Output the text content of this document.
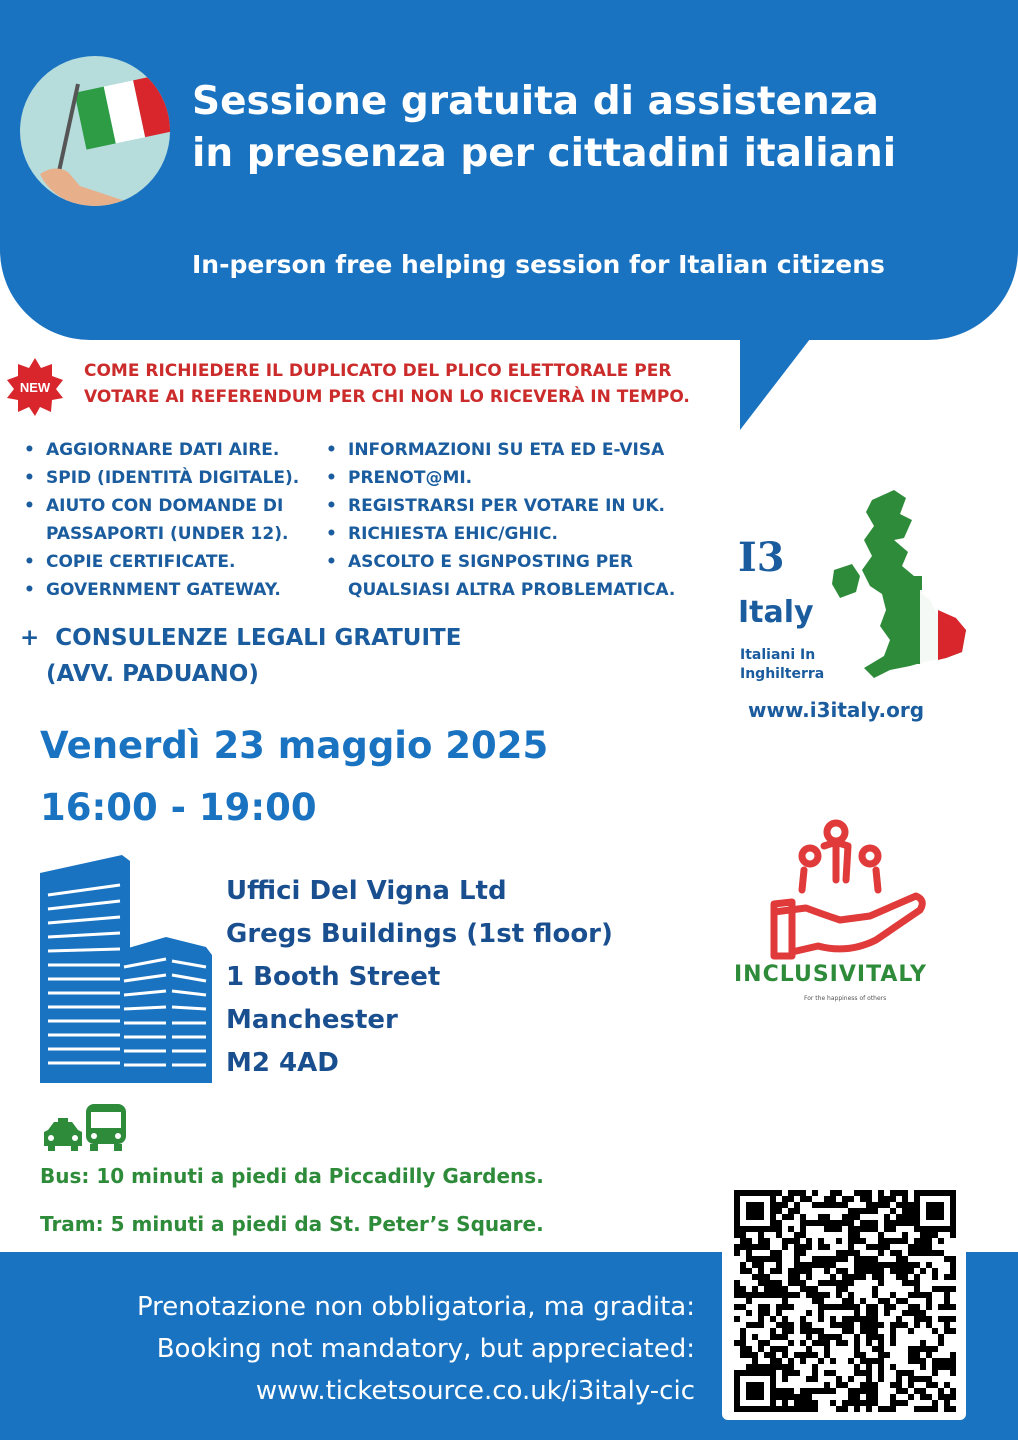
Sessione gratuita di assistenza
in presenza per cittadini italiani
In-person free helping session for Italian citizens
NEW
COME RICHIEDERE IL DUPLICATO DEL PLICO ELETTORALE PER
VOTARE AI REFERENDUM PER CHI NON LO RICEVERÀ IN TEMPO.
• AGGIORNARE DATI AIRE.
• SPID (IDENTITÀ DIGITALE).
• AIUTO CON DOMANDE DI
PASSAPORTI (UNDER 12).
• COPIE CERTIFICATE.
• GOVERNMENT GATEWAY.
• INFORMAZIONI SU ETA ED E-VISA
• PRENOT@MI.
• REGISTRARSI PER VOTARE IN UK.
• RICHIESTA EHIC/GHIC.
• ASCOLTO E SIGNPOSTING PER
QUALSIASI ALTRA PROBLEMATICA.
+ CONSULENZE LEGALI GRATUITE
(AVV. PADUANO)
Venerdì 23 maggio 2025
16:00 - 19:00
Uffici Del Vigna Ltd
Gregs Buildings (1st floor)
1 Booth Street
Manchester
M2 4AD
Bus: 10 minuti a piedi da Piccadilly Gardens.
Tram: 5 minuti a piedi da St. Peter’s Square.
I3
Italy
Italiani In
Inghilterra
www.i3italy.org
INCLUSIVITALY
For the happiness of others
Prenotazione non obbligatoria, ma gradita:
Booking not mandatory, but appreciated:
www.ticketsource.co.uk/i3italy-cic
